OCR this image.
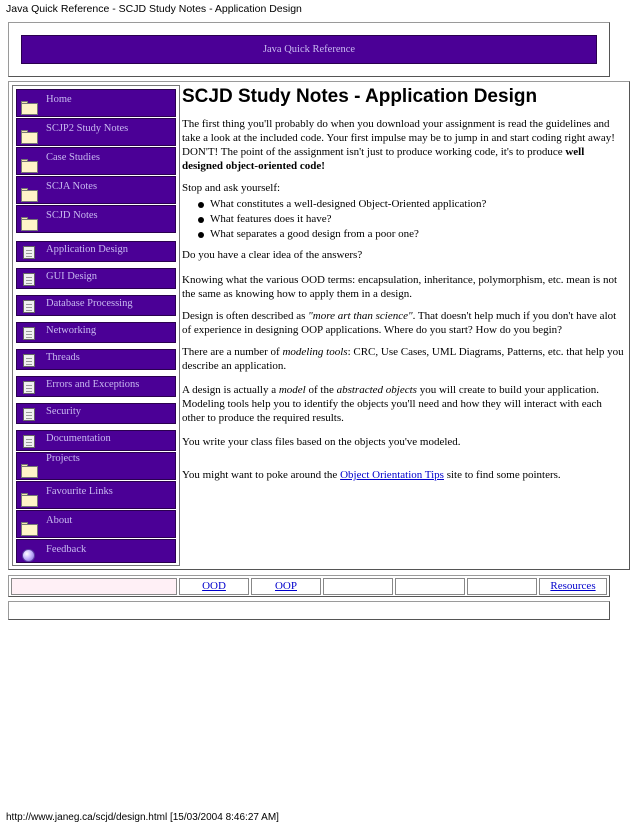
Java Quick Reference - SCJD Study Notes - Application Design
Java Quick Reference
Home
SCJP2 Study Notes
Case Studies
SCJA Notes
SCJD Notes
Application Design
GUI Design
Database Processing
Networking
Threads
Errors and Exceptions
Security
Documentation
Projects
Favourite Links
About
Feedback
SCJD Study Notes - Application Design

The first thing you'll probably do when you download your assignment is read the guidelines and take a look at the included code. Your first impulse may be to jump in and start coding right away! DON'T! The point of the assignment isn't just to produce working code, it's to produce well designed object-oriented code!

Stop and ask yourself:

What constitutes a well-designed Object-Oriented application?
What features does it have?
What separates a good design from a poor one?

Do you have a clear idea of the answers?

Knowing what the various OOD terms: encapsulation, inheritance, polymorphism, etc. mean is not the same as knowing how to apply them in a design.

Design is often described as "more art than science". That doesn't help much if you don't have alot of experience in designing OOP applications. Where do you start? How do you begin?

There are a number of modeling tools: CRC, Use Cases, UML Diagrams, Patterns, etc. that help you describe an application.

A design is actually a model of the abstracted objects you will create to build your application. Modeling tools help you to identify the objects you'll need and how they will interact with each other to produce the required results.

You write your class files based on the objects you've modeled.

You might want to poke around the Object Orientation Tips site to find some pointers.

OOD	OOP	Resources
http://www.janeg.ca/scjd/design.html [15/03/2004 8:46:27 AM]
